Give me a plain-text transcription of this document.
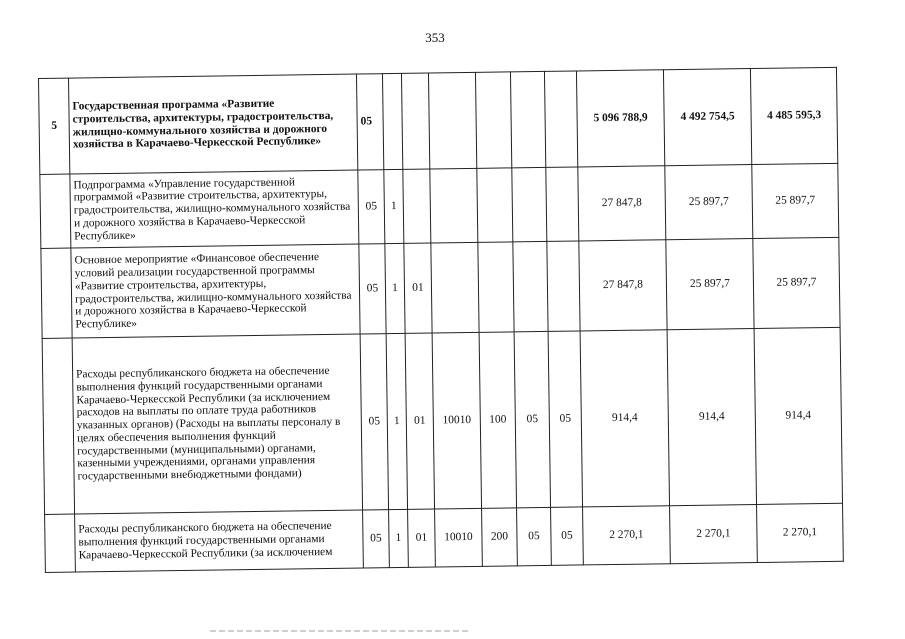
353
5	Государственная программа «Развитие строительства, архитектуры, градостроительства, жилищно-коммунального хозяйства и дорожного хозяйства в Карачаево-Черкесской Республике»	05							5 096 788,9	4 492 754,5	4 485 595,3
	Подпрограмма «Управление государственной программой «Развитие строительства, архитектуры, градостроительства, жилищно-коммунального хозяйства и дорожного хозяйства в Карачаево-Черкесской Республике»	05	1						27 847,8	25 897,7	25 897,7
	Основное мероприятие «Финансовое обеспечение условий реализации государственной программы «Развитие строительства, архитектуры, градостроительства, жилищно-коммунального хозяйства и дорожного хозяйства в Карачаево-Черкесской Республике»	05	1	01					27 847,8	25 897,7	25 897,7
	Расходы республиканского бюджета на обеспечение выполнения функций государственными органами Карачаево-Черкесской Республики (за исключением расходов на выплаты по оплате труда работников указанных органов) (Расходы на выплаты персоналу в целях обеспечения выполнения функций государственными (муниципальными) органами, казенными учреждениями, органами управления государственными внебюджетными фондами)	05	1	01	10010	100	05	05	914,4	914,4	914,4
	Расходы республиканского бюджета на обеспечение выполнения функций государственными органами Карачаево-Черкесской Республики (за исключением	05	1	01	10010	200	05	05	2 270,1	2 270,1	2 270,1
